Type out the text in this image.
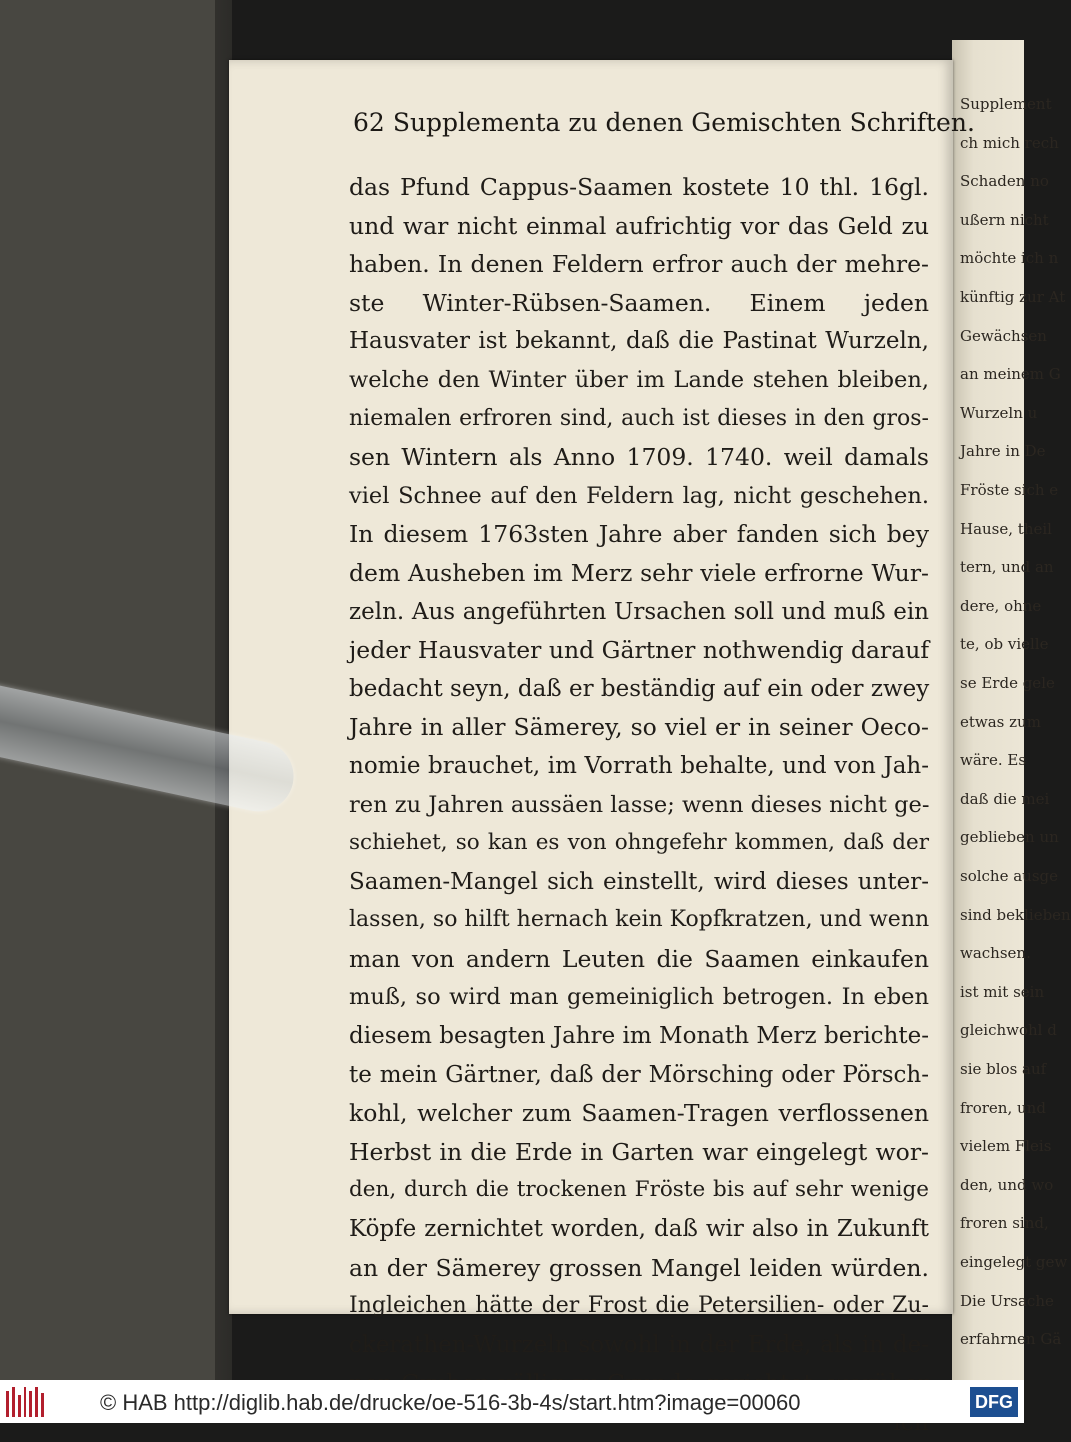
Supplement
ch mich rech
Schaden no
ußern nicht
möchte ich n
künftig zur At
Gewächsen
an meinem G
Wurzeln u
Jahre in De
Fröste sich e
Hause, theil
tern, und an
dere, ohne
te, ob vielle
se Erde gele
etwas zum
wäre. Es
daß die mei
geblieben un
solche ausge
sind beklieben
wachsen.
ist mit sein
gleichwohl d
sie blos auf
froren, und
vielem Fleis
den, und wo
froren sind,
eingelegt gew
Die Ursache
erfahrnen Gä
62 Supplementa zu denen Gemischten Schriften.
das Pfund Cappus-Saamen kostete 10 thl. 16gl.
und war nicht einmal aufrichtig vor das Geld zu
haben. In denen Feldern erfror auch der mehre-
ste Winter-Rübsen-Saamen. Einem jeden
Hausvater ist bekannt, daß die Pastinat Wurzeln,
welche den Winter über im Lande stehen bleiben,
niemalen erfroren sind, auch ist dieses in den gros-
sen Wintern als Anno 1709. 1740. weil damals
viel Schnee auf den Feldern lag, nicht geschehen.
In diesem 1763sten Jahre aber fanden sich bey
dem Ausheben im Merz sehr viele erfrorne Wur-
zeln. Aus angeführten Ursachen soll und muß ein
jeder Hausvater und Gärtner nothwendig darauf
bedacht seyn, daß er beständig auf ein oder zwey
Jahre in aller Sämerey, so viel er in seiner Oeco-
nomie brauchet, im Vorrath behalte, und von Jah-
ren zu Jahren aussäen lasse; wenn dieses nicht ge-
schiehet, so kan es von ohngefehr kommen, daß der
Saamen-Mangel sich einstellt, wird dieses unter-
lassen, so hilft hernach kein Kopfkratzen, und wenn
man von andern Leuten die Saamen einkaufen
muß, so wird man gemeiniglich betrogen. In eben
diesem besagten Jahre im Monath Merz berichte-
te mein Gärtner, daß der Mörsching oder Pörsch-
kohl, welcher zum Saamen-Tragen verflossenen
Herbst in die Erde in Garten war eingelegt wor-
den, durch die trockenen Fröste bis auf sehr wenige
Köpfe zernichtet worden, daß wir also in Zukunft
an der Sämerey grossen Mangel leiden würden.
Ingleichen hätte der Frost die Petersilien- oder Zu-
ckerathen-Wurzeln sowohl in der Erde, als in de-
© HAB http://diglib.hab.de/drucke/oe-516-3b-4s/start.htm?image=00060	DFG
